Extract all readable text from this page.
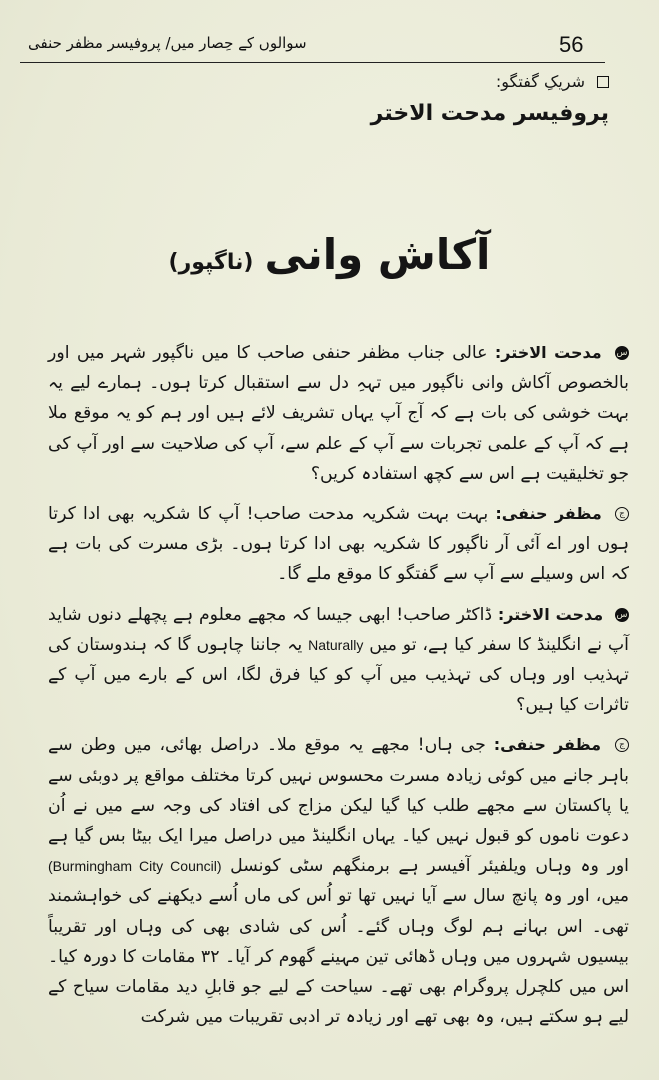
سوالوں کے حِصار میں/ پروفیسر مظفر حنفی	56
شریکِ گفتگو:
پروفیسر مدحت الاختر
آکاش وانی (ناگپور)

س مدحت الاختر: عالی جناب مظفر حنفی صاحب کا میں ناگپور شہر میں اور بالخصوص آکاش وانی ناگپور میں تہہِ دل سے استقبال کرتا ہوں۔ ہمارے لیے یہ بہت خوشی کی بات ہے کہ آج آپ یہاں تشریف لائے ہیں اور ہم کو یہ موقع ملا ہے کہ آپ کے علمی تجربات سے آپ کے علم سے، آپ کی صلاحیت سے اور آپ کی جو تخلیقیت ہے اس سے کچھ استفادہ کریں؟

ج مظفر حنفی: بہت بہت شکریہ مدحت صاحب! آپ کا شکریہ بھی ادا کرتا ہوں اور اے آئی آر ناگپور کا شکریہ بھی ادا کرتا ہوں۔ بڑی مسرت کی بات ہے کہ اس وسیلے سے آپ سے گفتگو کا موقع ملے گا۔

س مدحت الاختر: ڈاکٹر صاحب! ابھی جیسا کہ مجھے معلوم ہے پچھلے دنوں شاید آپ نے انگلینڈ کا سفر کیا ہے، تو میں Naturally یہ جاننا چاہوں گا کہ ہندوستان کی تہذیب اور وہاں کی تہذیب میں آپ کو کیا فرق لگا، اس کے بارے میں آپ کے تاثرات کیا ہیں؟

ج مظفر حنفی: جی ہاں! مجھے یہ موقع ملا۔ دراصل بھائی، میں وطن سے باہر جانے میں کوئی زیادہ مسرت محسوس نہیں کرتا مختلف مواقع پر دوبئی سے یا پاکستان سے مجھے طلب کیا گیا لیکن مزاج کی افتاد کی وجہ سے میں نے اُن دعوت ناموں کو قبول نہیں کیا۔ یہاں انگلینڈ میں دراصل میرا ایک بیٹا بس گیا ہے اور وہ وہاں ویلفیئر آفیسر ہے برمنگھم سٹی کونسل (Burmingham City Council) میں، اور وہ پانچ سال سے آیا نہیں تھا تو اُس کی ماں اُسے دیکھنے کی خواہشمند تھی۔ اس بہانے ہم لوگ وہاں گئے۔ اُس کی شادی بھی کی وہاں اور تقریباً بیسیوں شہروں میں وہاں ڈھائی تین مہینے گھوم کر آیا۔ ۳۲ مقامات کا دورہ کیا۔ اس میں کلچرل پروگرام بھی تھے۔ سیاحت کے لیے جو قابلِ دید مقامات سیاح کے لیے ہو سکتے ہیں، وہ بھی تھے اور زیادہ تر ادبی تقریبات میں شرکت
